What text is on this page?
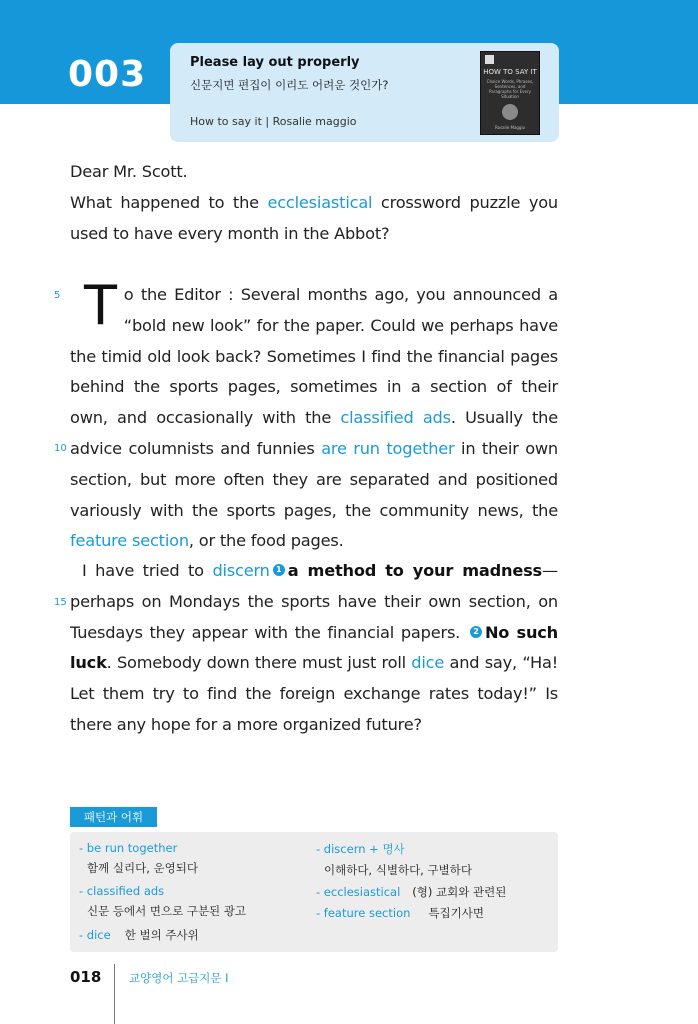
003	Please lay out properly
신문지면 편집이 이리도 어려운 것인가?
How to say it | Rosalie maggio
HOW TO SAY IT
Choice Words, Phrases, Sentences, and Paragraphs for Every Situation
Rosalie Maggio
Dear Mr. Scott.
What happened to the ecclesiastical crossword puzzle you used to have every month in the Abbot?
To the Editor : Several months ago, you announced a “bold new look” for the paper. Could we perhaps have the timid old look back? Sometimes I find the financial pages behind the sports pages, sometimes in a section of their own, and occasionally with the classified ads. Usually the advice columnists and funnies are run together in their own section, but more often they are separated and positioned variously with the sports pages, the community news, the feature section, or the food pages.
I have tried to discern 1 a method to your madness— perhaps on Mondays the sports have their own section, on Tuesdays they appear with the financial papers. 2 No such luck. Somebody down there must just roll dice and say, “Ha! Let them try to find the foreign exchange rates today!” Is there any hope for a more organized future?
5
10
15
패턴과 어휘
- be run together
함께 실리다, 운영되다
- classified ads
신문 등에서 면으로 구분된 광고
- dice 한 벌의 주사위
- discern + 명사
이해하다, 식별하다, 구별하다
- ecclesiastical (형) 교회와 관련된
- feature section 특집기사면
018 교양영어 고급지문 I
